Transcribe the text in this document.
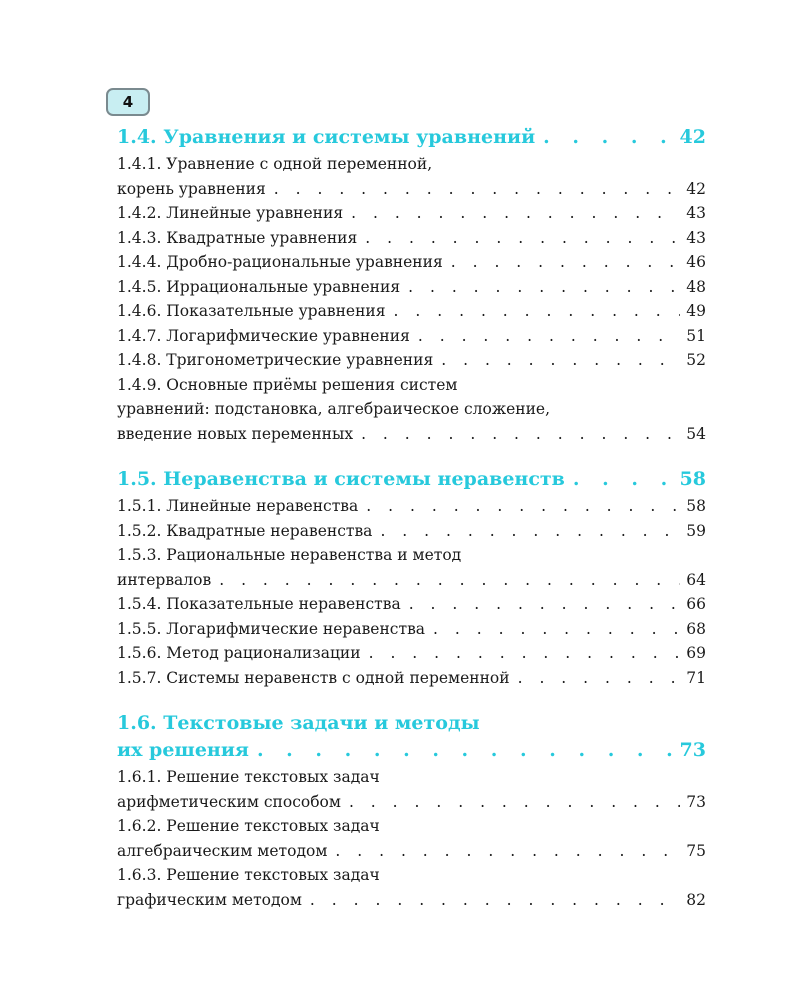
4
1.4. Уравнения и системы уравнений . . .	42
1.4.1. Уравнение с одной переменной,
корень уравнения . . .	42
1.4.2. Линейные уравнения . . .	43
1.4.3. Квадратные уравнения . . .	43
1.4.4. Дробно-рациональные уравнения . . .	46
1.4.5. Иррациональные уравнения . . .	48
1.4.6. Показательные уравнения . . .	49
1.4.7. Логарифмические уравнения . . .	51
1.4.8. Тригонометрические уравнения . . .	52
1.4.9. Основные приёмы решения систем
уравнений: подстановка, алгебраическое сложение,
введение новых переменных . . .	54
1.5. Неравенства и системы неравенств . . .	58
1.5.1. Линейные неравенства . . .	58
1.5.2. Квадратные неравенства . . .	59
1.5.3. Рациональные неравенства и метод
интервалов . . .	64
1.5.4. Показательные неравенства . . .	66
1.5.5. Логарифмические неравенства . . .	68
1.5.6. Метод рационализации . . .	69
1.5.7. Системы неравенств с одной переменной . . .	71
1.6. Текстовые задачи и методы
их решения . . .	73
1.6.1. Решение текстовых задач
арифметическим способом . . .	73
1.6.2. Решение текстовых задач
алгебраическим методом . . .	75
1.6.3. Решение текстовых задач
графическим методом . . .	82
